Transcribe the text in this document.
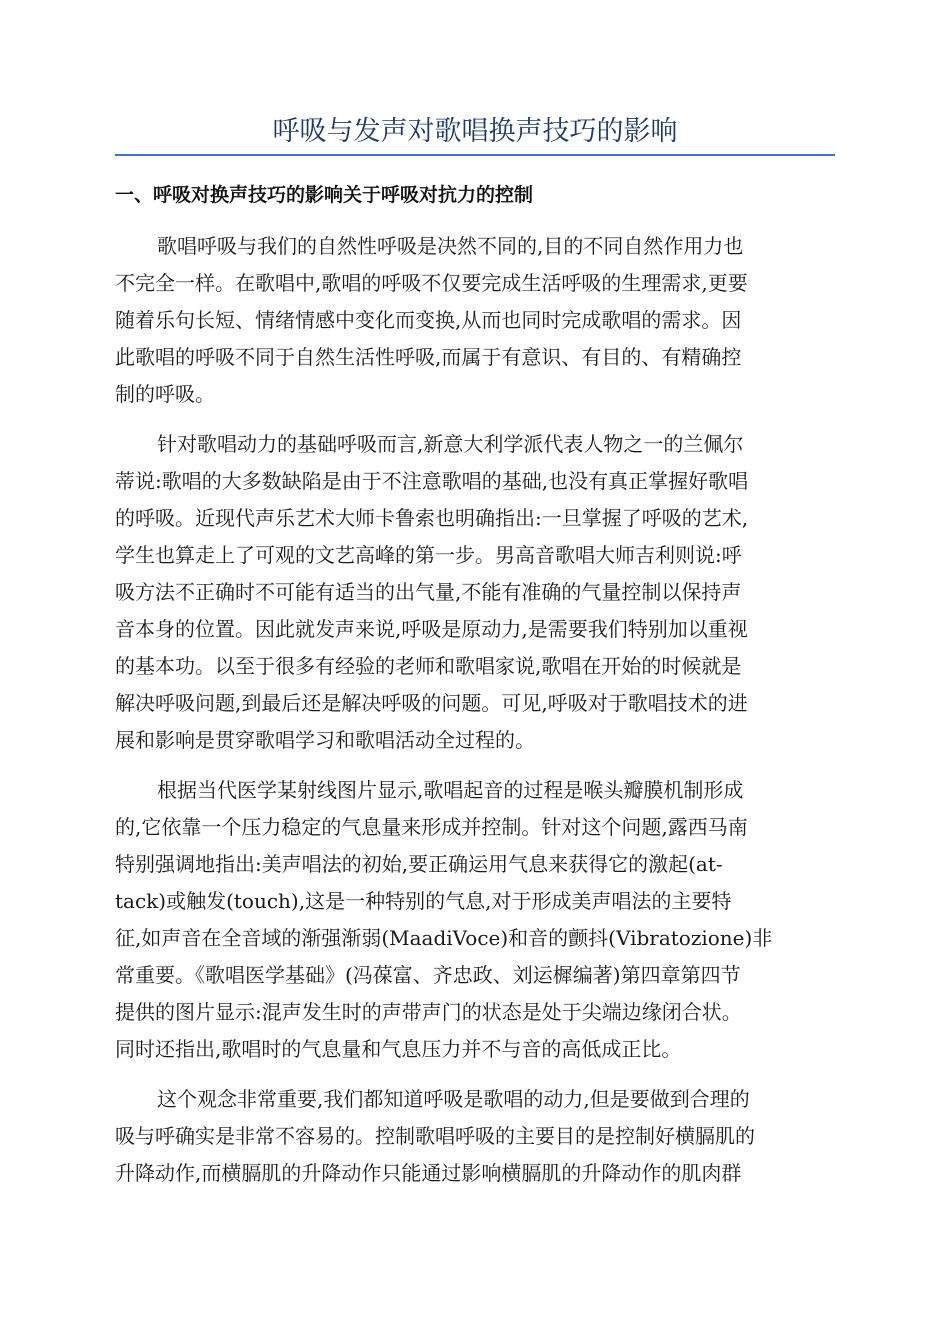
呼吸与发声对歌唱换声技巧的影响
一、呼吸对换声技巧的影响关于呼吸对抗力的控制
歌唱呼吸与我们的自然性呼吸是决然不同的,目的不同自然作用力也
不完全一样。在歌唱中,歌唱的呼吸不仅要完成生活呼吸的生理需求,更要
随着乐句长短、情绪情感中变化而变换,从而也同时完成歌唱的需求。因
此歌唱的呼吸不同于自然生活性呼吸,而属于有意识、有目的、有精确控
制的呼吸。
针对歌唱动力的基础呼吸而言,新意大利学派代表人物之一的兰佩尔
蒂说:歌唱的大多数缺陷是由于不注意歌唱的基础,也没有真正掌握好歌唱
的呼吸。近现代声乐艺术大师卡鲁索也明确指出:一旦掌握了呼吸的艺术,
学生也算走上了可观的文艺高峰的第一步。男高音歌唱大师吉利则说:呼
吸方法不正确时不可能有适当的出气量,不能有准确的气量控制以保持声
音本身的位置。因此就发声来说,呼吸是原动力,是需要我们特别加以重视
的基本功。以至于很多有经验的老师和歌唱家说,歌唱在开始的时候就是
解决呼吸问题,到最后还是解决呼吸的问题。可见,呼吸对于歌唱技术的进
展和影响是贯穿歌唱学习和歌唱活动全过程的。
根据当代医学某射线图片显示,歌唱起音的过程是喉头瓣膜机制形成
的,它依靠一个压力稳定的气息量来形成并控制。针对这个问题,露西马南
特别强调地指出:美声唱法的初始,要正确运用气息来获得它的激起(at-
tack)或触发(touch),这是一种特别的气息,对于形成美声唱法的主要特
征,如声音在全音域的渐强渐弱(MaadiVoce)和音的颤抖(Vibratozione)非
常重要。《歌唱医学基础》(冯葆富、齐忠政、刘运樨编著)第四章第四节
提供的图片显示:混声发生时的声带声门的状态是处于尖端边缘闭合状。
同时还指出,歌唱时的气息量和气息压力并不与音的高低成正比。
这个观念非常重要,我们都知道呼吸是歌唱的动力,但是要做到合理的
吸与呼确实是非常不容易的。控制歌唱呼吸的主要目的是控制好横膈肌的
升降动作,而横膈肌的升降动作只能通过影响横膈肌的升降动作的肌肉群
